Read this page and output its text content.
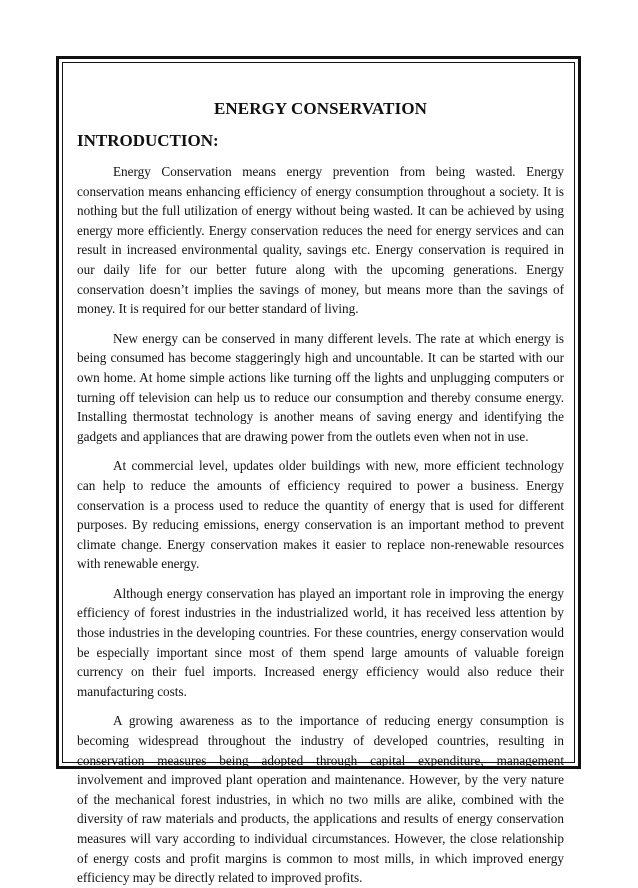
ENERGY CONSERVATION
INTRODUCTION:

Energy Conservation means energy prevention from being wasted. Energy conservation means enhancing efficiency of energy consumption throughout a society. It is nothing but the full utilization of energy without being wasted. It can be achieved by using energy more efficiently. Energy conservation reduces the need for energy services and can result in increased environmental quality, savings etc. Energy conservation is required in our daily life for our better future along with the upcoming generations. Energy conservation doesn’t implies the savings of money, but means more than the savings of money. It is required for our better standard of living.

New energy can be conserved in many different levels. The rate at which energy is being consumed has become staggeringly high and uncountable. It can be started with our own home. At home simple actions like turning off the lights and unplugging computers or turning off television can help us to reduce our consumption and thereby consume energy. Installing thermostat technology is another means of saving energy and identifying the gadgets and appliances that are drawing power from the outlets even when not in use.

At commercial level, updates older buildings with new, more efficient technology can help to reduce the amounts of efficiency required to power a business. Energy conservation is a process used to reduce the quantity of energy that is used for different purposes. By reducing emissions, energy conservation is an important method to prevent climate change. Energy conservation makes it easier to replace non-renewable resources with renewable energy.

Although energy conservation has played an important role in improving the energy efficiency of forest industries in the industrialized world, it has received less attention by those industries in the developing countries. For these countries, energy conservation would be especially important since most of them spend large amounts of valuable foreign currency on their fuel imports. Increased energy efficiency would also reduce their manufacturing costs.

A growing awareness as to the importance of reducing energy consumption is becoming widespread throughout the industry of developed countries, resulting in conservation measures being adopted through capital expenditure, management involvement and improved plant operation and maintenance. However, by the very nature of the mechanical forest industries, in which no two mills are alike, combined with the diversity of raw materials and products, the applications and results of energy conservation measures will vary according to individual circumstances. However, the close relationship of energy costs and profit margins is common to most mills, in which improved energy efficiency may be directly related to improved profits.
